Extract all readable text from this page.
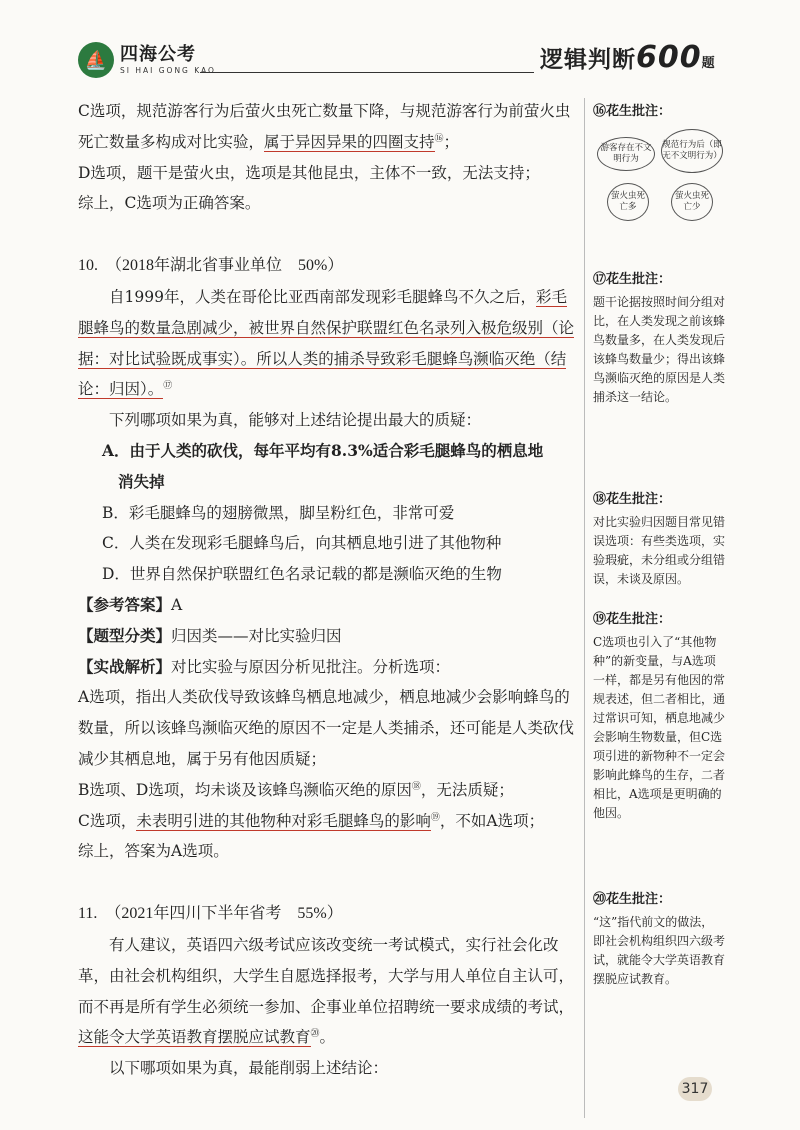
⛵ 四海公考
SI HAI GONG KAO	逻辑判断600题

C选项，规范游客行为后萤火虫死亡数量下降，与规范游客行为前萤火虫死亡数量多构成对比实验，属于异因异果的四圈支持⑯；

D选项，题干是萤火虫，选项是其他昆虫，主体不一致，无法支持；

综上，C选项为正确答案。

10.　（2018年湖北省事业单位　50%）

自1999年，人类在哥伦比亚西南部发现彩毛腿蜂鸟不久之后，彩毛腿蜂鸟的数量急剧减少，被世界自然保护联盟红色名录列入极危级别（论据：对比试验既成事实）。所以人类的捕杀导致彩毛腿蜂鸟濒临灭绝（结论：归因）。⑰

下列哪项如果为真，能够对上述结论提出最大的质疑：

A．由于人类的砍伐，每年平均有8.3%适合彩毛腿蜂鸟的栖息地

消失掉

B．彩毛腿蜂鸟的翅膀微黑，脚呈粉红色，非常可爱

C．人类在发现彩毛腿蜂鸟后，向其栖息地引进了其他物种

D．世界自然保护联盟红色名录记载的都是濒临灭绝的生物

【参考答案】A

【题型分类】归因类——对比实验归因

【实战解析】对比实验与原因分析见批注。分析选项：

A选项，指出人类砍伐导致该蜂鸟栖息地减少，栖息地减少会影响蜂鸟的数量，所以该蜂鸟濒临灭绝的原因不一定是人类捕杀，还可能是人类砍伐减少其栖息地，属于另有他因质疑；

B选项、D选项，均未谈及该蜂鸟濒临灭绝的原因⑱，无法质疑；

C选项，未表明引进的其他物种对彩毛腿蜂鸟的影响⑲，不如A选项；

综上，答案为A选项。

11.　（2021年四川下半年省考　55%）

有人建议，英语四六级考试应该改变统一考试模式，实行社会化改革，由社会机构组织，大学生自愿选择报考，大学与用人单位自主认可，而不再是所有学生必须统一参加、企事业单位招聘统一要求成绩的考试，这能令大学英语教育摆脱应试教育⑳。

以下哪项如果为真，最能削弱上述结论：

⑯花生批注：
游客存在不文明行为
规范行为后（即无不文明行为）
萤火虫死亡多
萤火虫死亡少
⑰花生批注：
题干论据按照时间分组对比，在人类发现之前该蜂鸟数量多，在人类发现后该蜂鸟数量少；得出该蜂鸟濒临灭绝的原因是人类捕杀这一结论。
⑱花生批注：
对比实验归因题目常见错误选项：有些类选项，实验瑕疵，未分组或分组错误，未谈及原因。
⑲花生批注：
C选项也引入了“其他物种”的新变量，与A选项一样，都是另有他因的常规表述，但二者相比，通过常识可知，栖息地减少会影响生物数量，但C选项引进的新物种不一定会影响此蜂鸟的生存，二者相比，A选项是更明确的他因。
⑳花生批注：
“这”指代前文的做法，即社会机构组织四六级考试，就能令大学英语教育摆脱应试教育。
317
